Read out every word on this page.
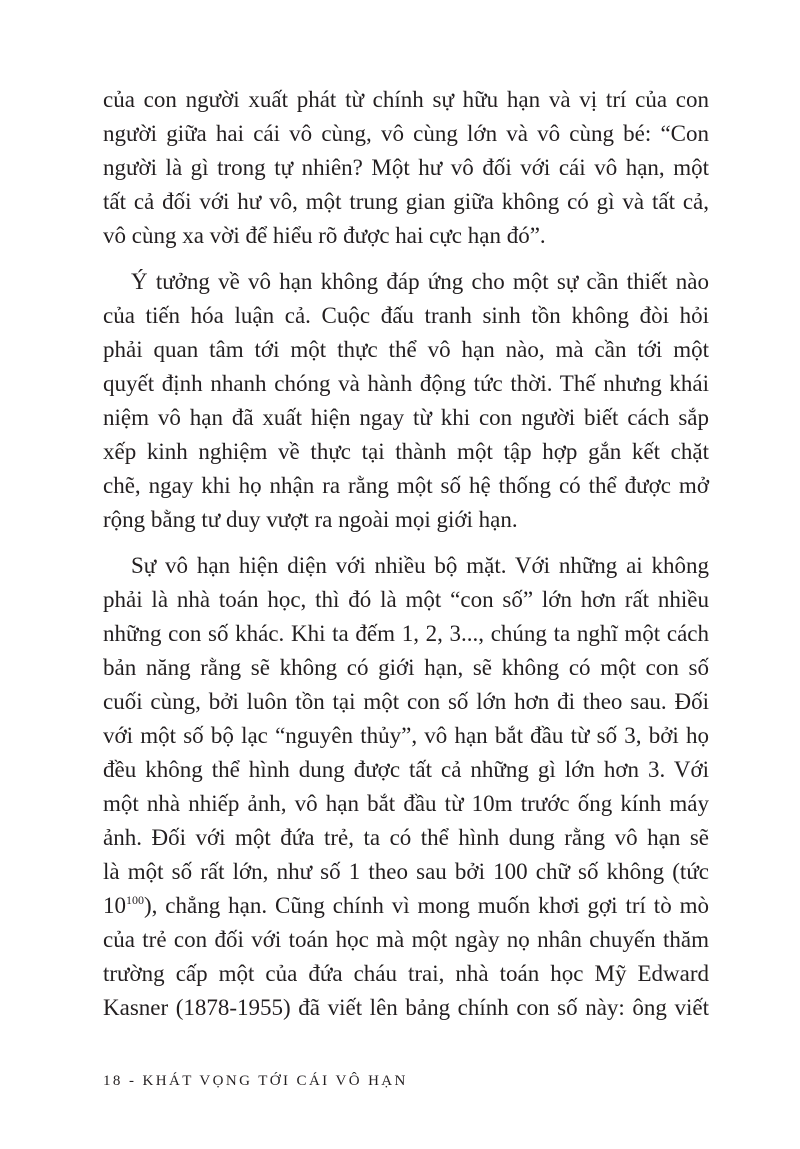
của con người xuất phát từ chính sự hữu hạn và vị trí của con
người giữa hai cái vô cùng, vô cùng lớn và vô cùng bé: “Con
người là gì trong tự nhiên? Một hư vô đối với cái vô hạn, một
tất cả đối với hư vô, một trung gian giữa không có gì và tất cả,
vô cùng xa vời để hiểu rõ được hai cực hạn đó”.

Ý tưởng về vô hạn không đáp ứng cho một sự cần thiết nào
của tiến hóa luận cả. Cuộc đấu tranh sinh tồn không đòi hỏi
phải quan tâm tới một thực thể vô hạn nào, mà cần tới một
quyết định nhanh chóng và hành động tức thời. Thế nhưng khái
niệm vô hạn đã xuất hiện ngay từ khi con người biết cách sắp
xếp kinh nghiệm về thực tại thành một tập hợp gắn kết chặt
chẽ, ngay khi họ nhận ra rằng một số hệ thống có thể được mở
rộng bằng tư duy vượt ra ngoài mọi giới hạn.

Sự vô hạn hiện diện với nhiều bộ mặt. Với những ai không
phải là nhà toán học, thì đó là một “con số” lớn hơn rất nhiều
những con số khác. Khi ta đếm 1, 2, 3..., chúng ta nghĩ một cách
bản năng rằng sẽ không có giới hạn, sẽ không có một con số
cuối cùng, bởi luôn tồn tại một con số lớn hơn đi theo sau. Đối
với một số bộ lạc “nguyên thủy”, vô hạn bắt đầu từ số 3, bởi họ
đều không thể hình dung được tất cả những gì lớn hơn 3. Với
một nhà nhiếp ảnh, vô hạn bắt đầu từ 10m trước ống kính máy
ảnh. Đối với một đứa trẻ, ta có thể hình dung rằng vô hạn sẽ
là một số rất lớn, như số 1 theo sau bởi 100 chữ số không (tức
$10^{100}$), chẳng hạn. Cũng chính vì mong muốn khơi gợi trí tò mò
của trẻ con đối với toán học mà một ngày nọ nhân chuyến thăm
trường cấp một của đứa cháu trai, nhà toán học Mỹ Edward
Kasner (1878-1955) đã viết lên bảng chính con số này: ông viết

18 - KHÁT VỌNG TỚI CÁI VÔ HẠN
